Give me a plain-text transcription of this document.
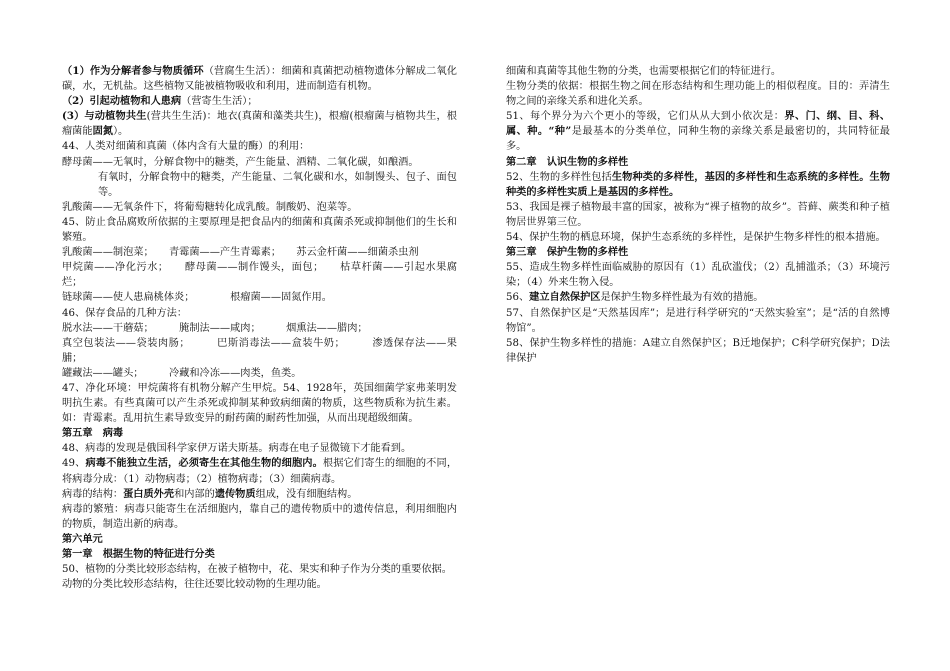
（1）作为分解者参与物质循环（营腐生生活）：细菌和真菌把动植物遗体分解成二氧化碳，水，无机盐。这些植物又能被植物吸收和利用，进而制造有机物。

（2）引起动植物和人患病（营寄生生活）；

(3）与动植物共生(营共生生活)：地衣(真菌和藻类共生)，根瘤(根瘤菌与植物共生，根瘤菌能固氮）。

44、人类对细菌和真菌（体内含有大量的酶）的利用：

酵母菌——无氧时，分解食物中的糖类，产生能量、酒精、二氧化碳，如酿酒。

有氧时，分解食物中的糖类，产生能量、二氧化碳和水，如制馒头、包子、面包等。

乳酸菌——无氧条件下，将葡萄糖转化成乳酸。制酸奶、泡菜等。

45、防止食品腐败所依据的主要原理是把食品内的细菌和真菌杀死或抑制他们的生长和繁殖。

乳酸菌——制泡菜；　　 青霉菌——产生青霉素；　　 苏云金杆菌——细菌杀虫剂

甲烷菌——净化污水；　　 酵母菌——制作馒头，面包；　　 枯草杆菌——引起水果腐烂；

链球菌——使人患扁桃体炎；　　　　	根瘤菌——固氮作用。

46、保存食品的几种方法：

脱水法——干蘑菇；　　　	腌制法——咸肉；　　　	烟熏法——腊肉；

真空包装法——袋装肉肠；　　　	巴斯消毒法——盒装牛奶；　　　	渗透保存法——果脯；

罐藏法——罐头；　　　	冷藏和冷冻——肉类，鱼类。

47、净化环境：甲烷菌将有机物分解产生甲烷。54、1928年，英国细菌学家弗莱明发明抗生素。有些真菌可以产生杀死或抑制某种致病细菌的物质，这些物质称为抗生素。如：青霉素。乱用抗生素导致变异的耐药菌的耐药性加强，从而出现超级细菌。

第五章　病毒

48、病毒的发现是俄国科学家伊万诺夫斯基。病毒在电子显微镜下才能看到。

49、病毒不能独立生活，必须寄生在其他生物的细胞内。根据它们寄生的细胞的不同，将病毒分成：（1）动物病毒；（2）植物病毒；（3）细菌病毒。

病毒的结构：蛋白质外壳和内部的遗传物质组成，没有细胞结构。

病毒的繁殖：病毒只能寄生在活细胞内，靠自己的遗传物质中的遗传信息，利用细胞内的物质，制造出新的病毒。

第六单元

第一章　根据生物的特征进行分类

50、植物的分类比较形态结构，在被子植物中，花、果实和种子作为分类的重要依据。

动物的分类比较形态结构，往往还要比较动物的生理功能。

细菌和真菌等其他生物的分类，也需要根据它们的特征进行。

生物分类的依据：根据生物之间在形态结构和生理功能上的相似程度。目的：弄清生物之间的亲缘关系和进化关系。

51、每个界分为六个更小的等级，它们从从大到小依次是：界、门、纲、目、科、属、种。“种”是最基本的分类单位，同种生物的亲缘关系是最密切的，共同特征最多。

第二章　认识生物的多样性

52、生物的多样性包括生物种类的多样性，基因的多样性和生态系统的多样性。生物种类的多样性实质上是基因的多样性。

53、我国是裸子植物最丰富的国家，被称为“裸子植物的故乡”。苔藓、蕨类和种子植物居世界第三位。

54、保护生物的栖息环境，保护生态系统的多样性，是保护生物多样性的根本措施。

第三章　保护生物的多样性

55、造成生物多样性面临威胁的原因有（1）乱砍滥伐；（2）乱捕滥杀；（3）环境污染；（4）外来生物入侵。

56、建立自然保护区是保护生物多样性最为有效的措施。

57、自然保护区是“天然基因库”；是进行科学研究的“天然实验室”；是“活的自然博物馆”。

58、保护生物多样性的措施：A建立自然保护区；B迁地保护；C科学研究保护；D法律保护
